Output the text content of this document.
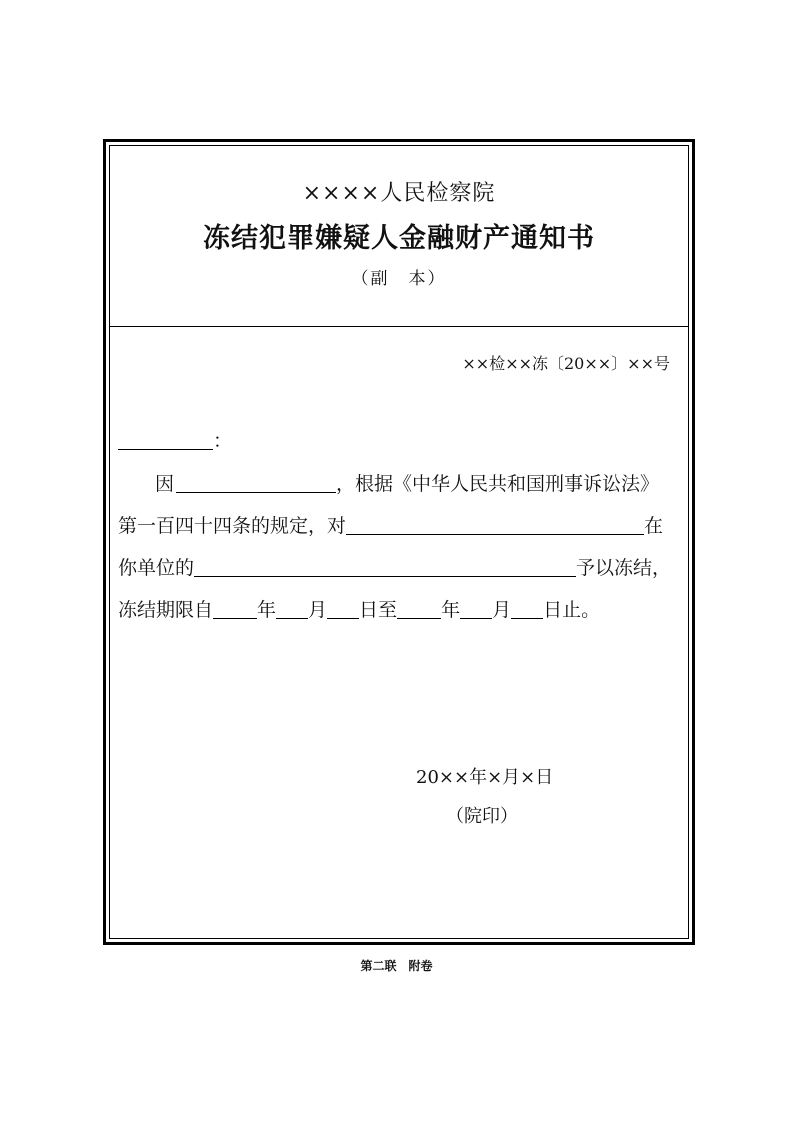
××××人民检察院
冻结犯罪嫌疑人金融财产通知书
（副　本）
××检××冻〔20××〕××号
：
因	，根据《中华人民共和国刑事诉讼法》
第一百四十四条的规定，对	在
你单位的	予以冻结，
冻结期限自 年 月 日至 年 月 日止。
20××年×月×日
（院印）
第二联　附卷
